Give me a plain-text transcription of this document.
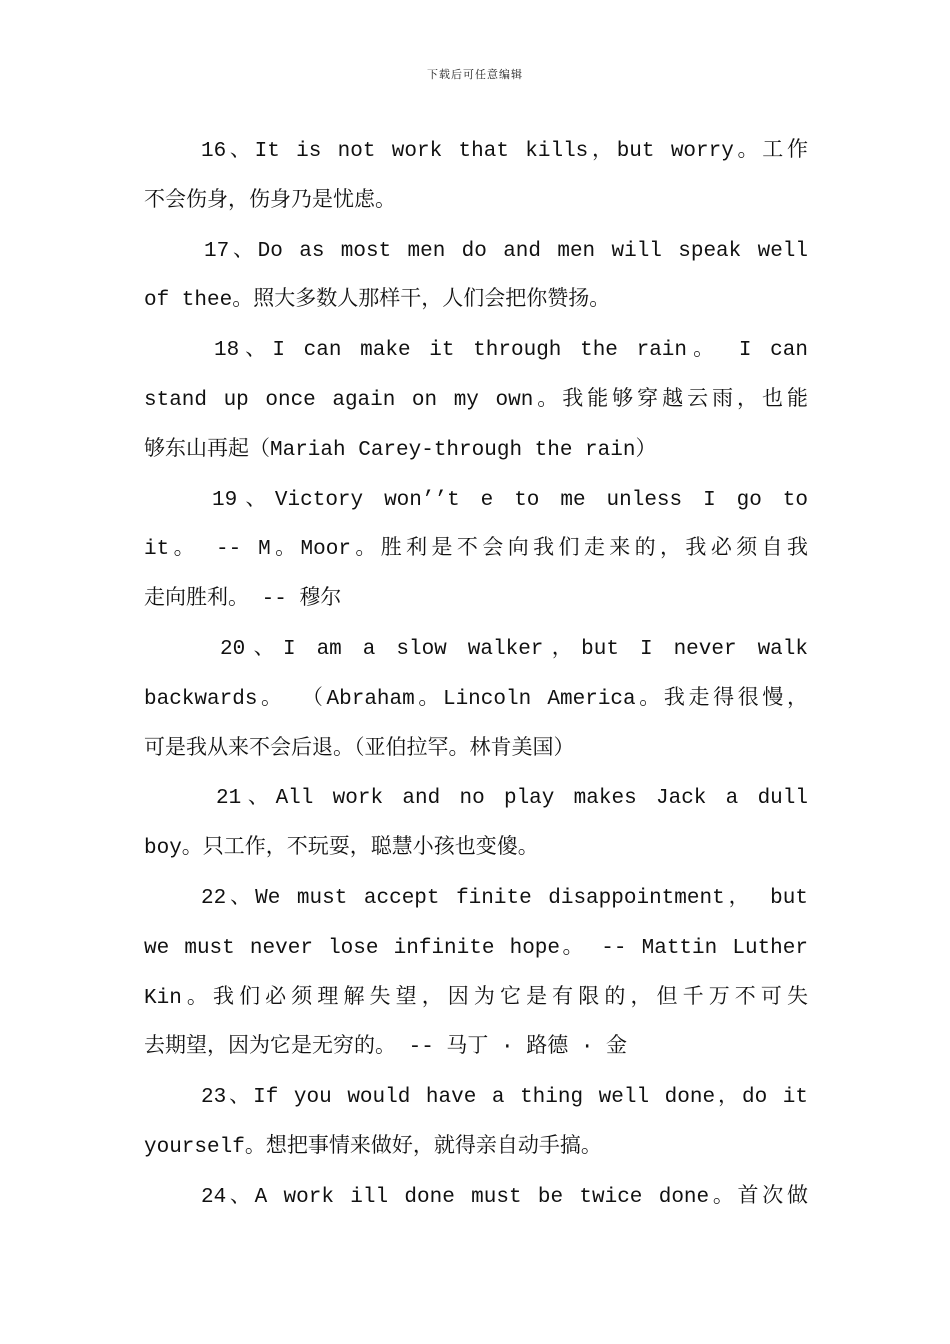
下载后可任意编辑
16、It is not work that kills，but worry。工作
不会伤身，伤身乃是忧虑。
17、Do as most men do and men will speak well
of thee。照大多数人那样干，人们会把你赞扬。
18、I can make it through the rain。 I can
stand up once again on my own。我能够穿越云雨，也能
够东山再起（Mariah Carey-through the rain）
19、Victory won’’t e to me unless I go to
it。 -- M。Moor。胜利是不会向我们走来的，我必须自我
走向胜利。 -- 穆尔
20、I am a slow walker，but I never walk
backwards。 （Abraham。Lincoln America。我走得很慢，
可是我从来不会后退。（亚伯拉罕。林肯美国）
21、All work and no play makes Jack a dull
boy。只工作，不玩耍，聪慧小孩也变傻。
22、We must accept finite disappointment， but
we must never lose infinite hope。 -- Mattin Luther
Kin。我们必须理解失望，因为它是有限的，但千万不可失
去期望，因为它是无穷的。 -- 马丁 · 路德 · 金
23、If you would have a thing well done，do it
yourself。想把事情来做好，就得亲自动手搞。
24、A work ill done must be twice done。首次做
